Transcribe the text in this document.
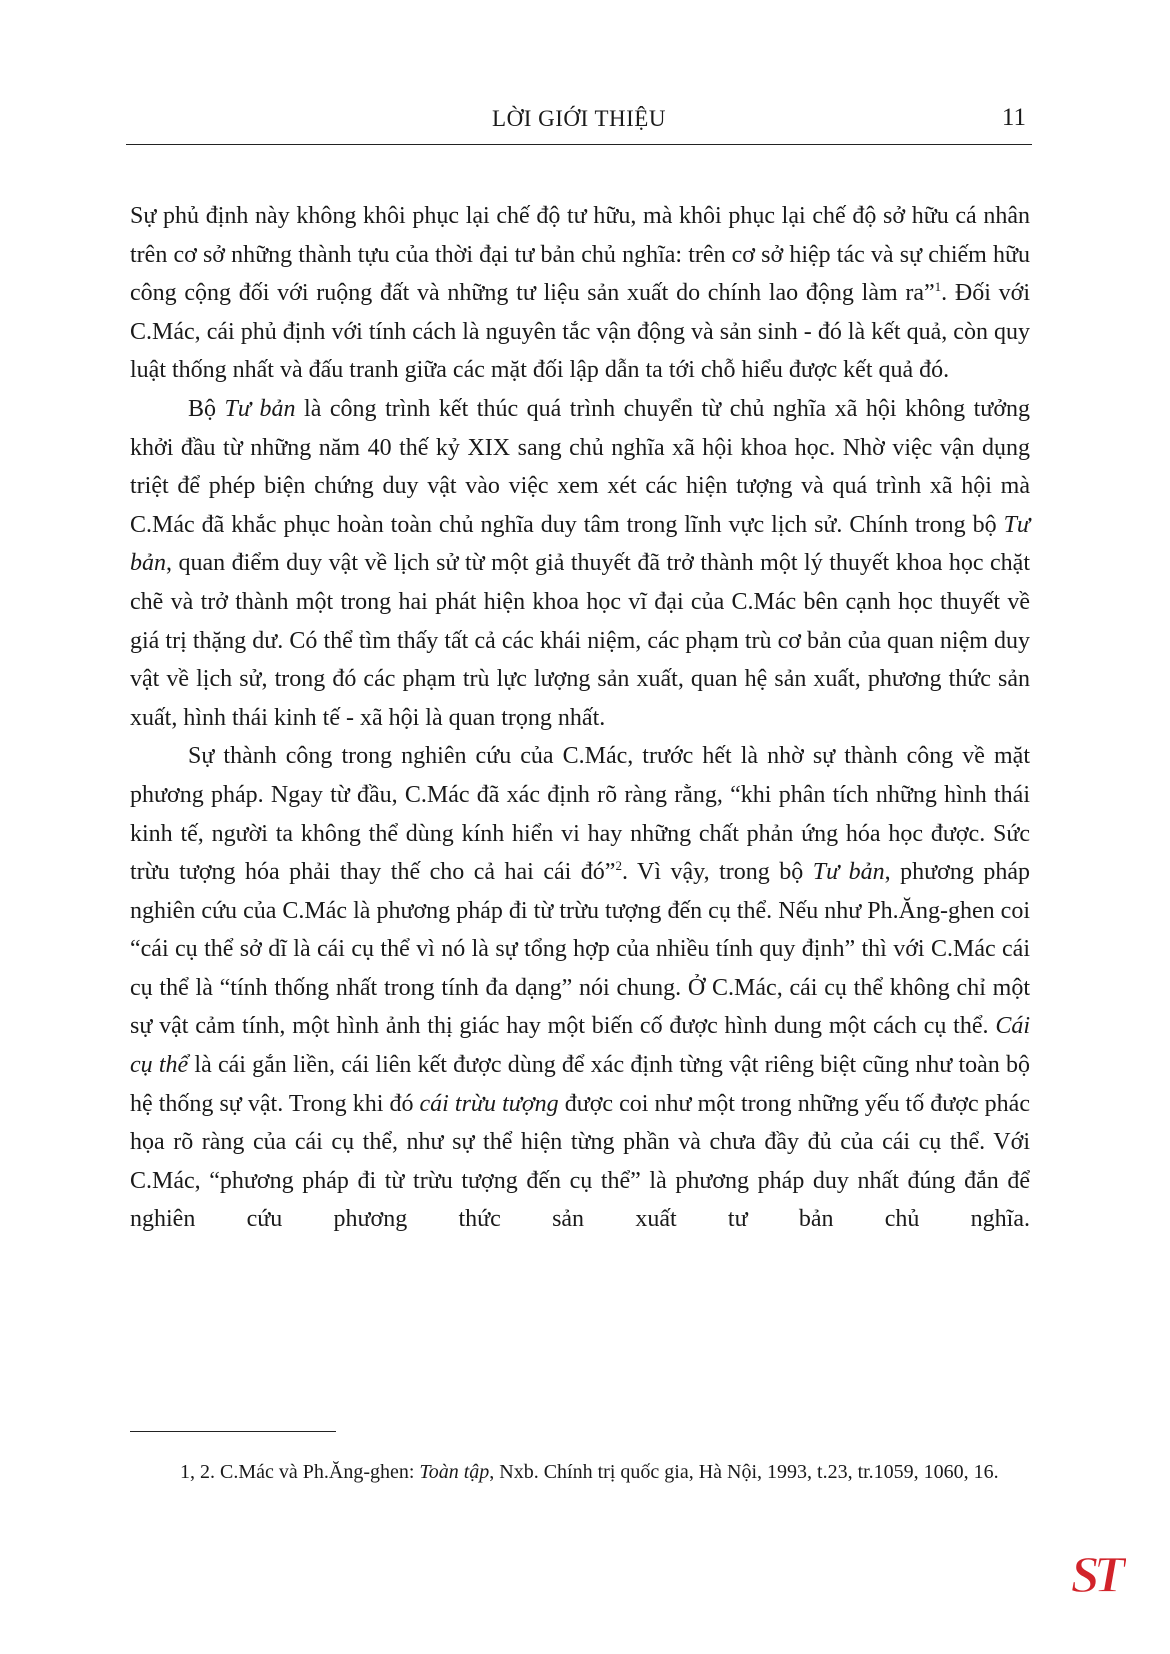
LỜI GIỚI THIỆU	11

Sự phủ định này không khôi phục lại chế độ tư hữu, mà khôi phục lại chế độ sở hữu cá nhân trên cơ sở những thành tựu của thời đại tư bản chủ nghĩa: trên cơ sở hiệp tác và sự chiếm hữu công cộng đối với ruộng đất và những tư liệu sản xuất do chính lao động làm ra”$^1$. Đối với C.Mác, cái phủ định với tính cách là nguyên tắc vận động và sản sinh - đó là kết quả, còn quy luật thống nhất và đấu tranh giữa các mặt đối lập dẫn ta tới chỗ hiểu được kết quả đó.

Bộ Tư bản là công trình kết thúc quá trình chuyển từ chủ nghĩa xã hội không tưởng khởi đầu từ những năm 40 thế kỷ XIX sang chủ nghĩa xã hội khoa học. Nhờ việc vận dụng triệt để phép biện chứng duy vật vào việc xem xét các hiện tượng và quá trình xã hội mà C.Mác đã khắc phục hoàn toàn chủ nghĩa duy tâm trong lĩnh vực lịch sử. Chính trong bộ Tư bản, quan điểm duy vật về lịch sử từ một giả thuyết đã trở thành một lý thuyết khoa học chặt chẽ và trở thành một trong hai phát hiện khoa học vĩ đại của C.Mác bên cạnh học thuyết về giá trị thặng dư. Có thể tìm thấy tất cả các khái niệm, các phạm trù cơ bản của quan niệm duy vật về lịch sử, trong đó các phạm trù lực lượng sản xuất, quan hệ sản xuất, phương thức sản xuất, hình thái kinh tế - xã hội là quan trọng nhất.

Sự thành công trong nghiên cứu của C.Mác, trước hết là nhờ sự thành công về mặt phương pháp. Ngay từ đầu, C.Mác đã xác định rõ ràng rằng, “khi phân tích những hình thái kinh tế, người ta không thể dùng kính hiển vi hay những chất phản ứng hóa học được. Sức trừu tượng hóa phải thay thế cho cả hai cái đó”$^2$. Vì vậy, trong bộ Tư bản, phương pháp nghiên cứu của C.Mác là phương pháp đi từ trừu tượng đến cụ thể. Nếu như Ph.Ăng-ghen coi “cái cụ thể sở dĩ là cái cụ thể vì nó là sự tổng hợp của nhiều tính quy định” thì với C.Mác cái cụ thể là “tính thống nhất trong tính đa dạng” nói chung. Ở C.Mác, cái cụ thể không chỉ một sự vật cảm tính, một hình ảnh thị giác hay một biến cố được hình dung một cách cụ thể. Cái cụ thể là cái gắn liền, cái liên kết được dùng để xác định từng vật riêng biệt cũng như toàn bộ hệ thống sự vật. Trong khi đó cái trừu tượng được coi như một trong những yếu tố được phác họa rõ ràng của cái cụ thể, như sự thể hiện từng phần và chưa đầy đủ của cái cụ thể. Với C.Mác, “phương pháp đi từ trừu tượng đến cụ thể” là phương pháp duy nhất đúng đắn để nghiên cứu phương thức sản xuất tư bản chủ nghĩa.

1, 2. C.Mác và Ph.Ăng-ghen: Toàn tập, Nxb. Chính trị quốc gia, Hà Nội, 1993, t.23, tr.1059, 1060, 16.
ST
